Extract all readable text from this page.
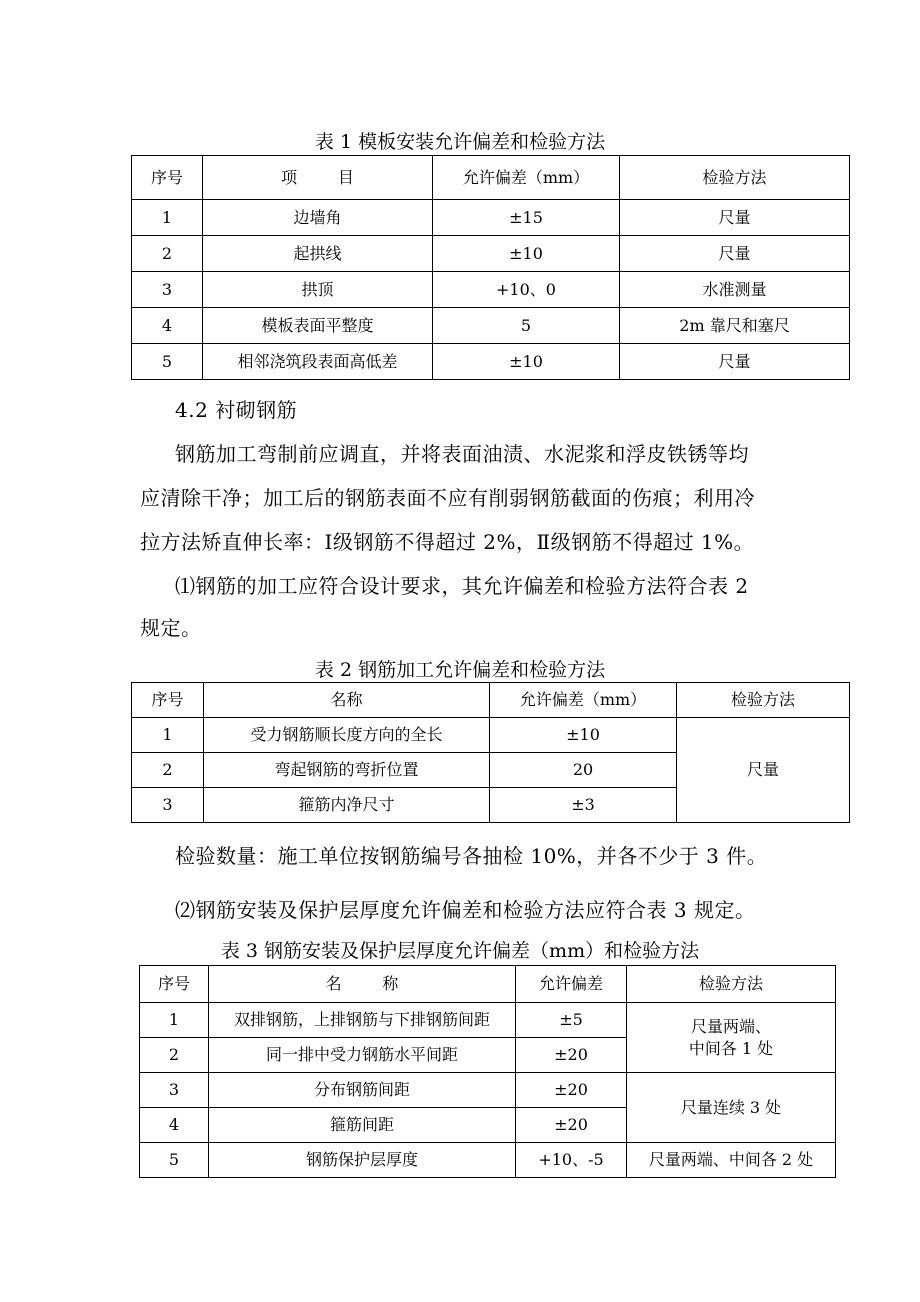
表 1 模板安装允许偏差和检验方法
序号	项        目	允许偏差（mm）	检验方法
1	边墙角	±15	尺量
2	起拱线	±10	尺量
3	拱顶	+10、0	水准测量
4	模板表面平整度	5	2m 靠尺和塞尺
5	相邻浇筑段表面高低差	±10	尺量
4.2 衬砌钢筋
钢筋加工弯制前应调直，并将表面油渍、水泥浆和浮皮铁锈等均
应清除干净；加工后的钢筋表面不应有削弱钢筋截面的伤痕；利用冷
拉方法矫直伸长率：Ⅰ级钢筋不得超过 2%，Ⅱ级钢筋不得超过 1%。
⑴钢筋的加工应符合设计要求，其允许偏差和检验方法符合表 2
规定。
表 2 钢筋加工允许偏差和检验方法
序号	名称	允许偏差（mm）	检验方法
1	受力钢筋顺长度方向的全长	±10	尺量
2	弯起钢筋的弯折位置	20	
3	箍筋内净尺寸	±3	
检验数量：施工单位按钢筋编号各抽检 10%，并各不少于 3 件。
⑵钢筋安装及保护层厚度允许偏差和检验方法应符合表 3 规定。
表 3 钢筋安装及保护层厚度允许偏差（mm）和检验方法
序号	名        称	允许偏差	检验方法
1	双排钢筋，上排钢筋与下排钢筋间距	±5	尺量两端、
中间各 1 处

2	同一排中受力钢筋水平间距	±20	
3	分布钢筋间距	±20	尺量连续 3 处
4	箍筋间距	±20	
5	钢筋保护层厚度	+10、-5	尺量两端、中间各 2 处
